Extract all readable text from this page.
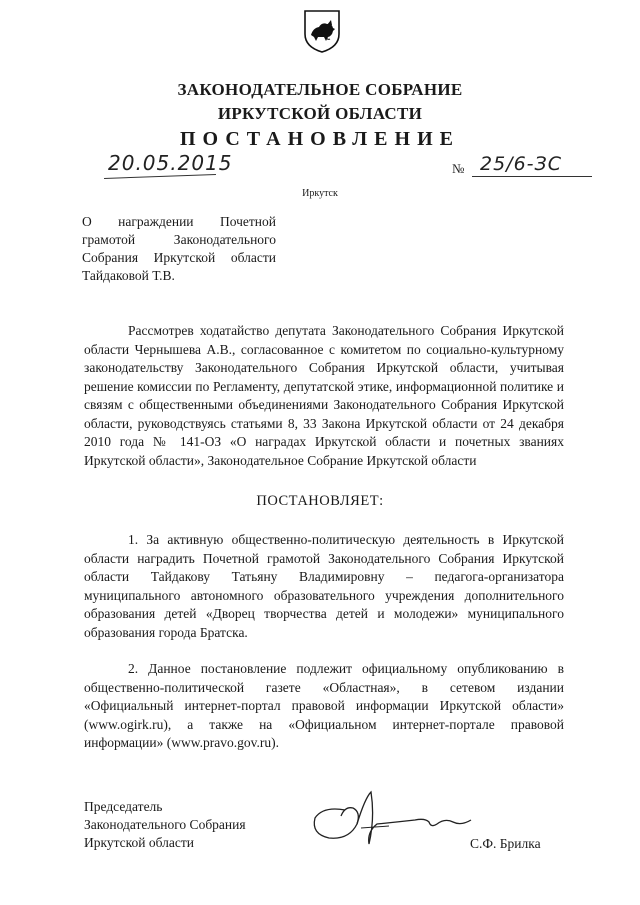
ЗАКОНОДАТЕЛЬНОЕ СОБРАНИЕ
ИРКУТСКОЙ ОБЛАСТИ
ПОСТАНОВЛЕНИЕ
20.05.2015	№ 25/6-ЗС
Иркутск
О награждении Почетной грамотой Законодательного Собрания Иркутской области Тайдаковой Т.В.

Рассмотрев ходатайство депутата Законодательного Собрания Иркутской области Чернышева А.В., согласованное с комитетом по социально-культурному законодательству Законодательного Собрания Иркутской области, учитывая решение комиссии по Регламенту, депутатской этике, информационной политике и связям с общественными объединениями Законодательного Собрания Иркутской области, руководствуясь статьями 8, 33 Закона Иркутской области от 24 декабря 2010 года № 141-ОЗ «О наградах Иркутской области и почетных званиях Иркутской области», Законодательное Собрание Иркутской области

ПОСТАНОВЛЯЕТ:

1. За активную общественно-политическую деятельность в Иркутской области наградить Почетной грамотой Законодательного Собрания Иркутской области Тайдакову Татьяну Владимировну – педагога-организатора муниципального автономного образовательного учреждения дополнительного образования детей «Дворец творчества детей и молодежи» муниципального образования города Братска.

2. Данное постановление подлежит официальному опубликованию в общественно-политической газете «Областная», в сетевом издании «Официальный интернет-портал правовой информации Иркутской области» (www.ogirk.ru), а также на «Официальном интернет-портале правовой информации» (www.pravo.gov.ru).

Председатель
Законодательного Собрания
Иркутской области	С.Ф. Брилка
